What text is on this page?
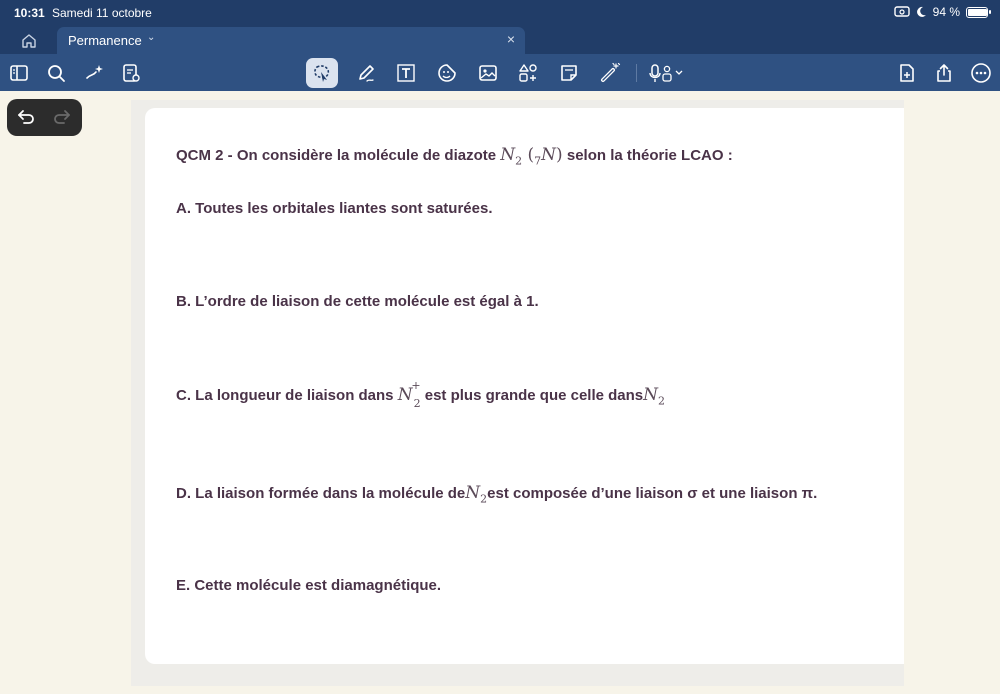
10:31 Samedi 11 octobre	94 %
Permanence ⌄	×
QCM 2 - On considère la molécule de diazote $N_2$ $(_7N)$ selon la théorie LCAO :
A. Toutes les orbitales liantes sont saturées.
B. L’ordre de liaison de cette molécule est égal à 1.
C. La longueur de liaison dans N
+
2 est plus grande que celle dansN$_2$
D. La liaison formée dans la molécule deN$_2$est composée d’une liaison σ et une liaison π.
E. Cette molécule est diamagnétique.
